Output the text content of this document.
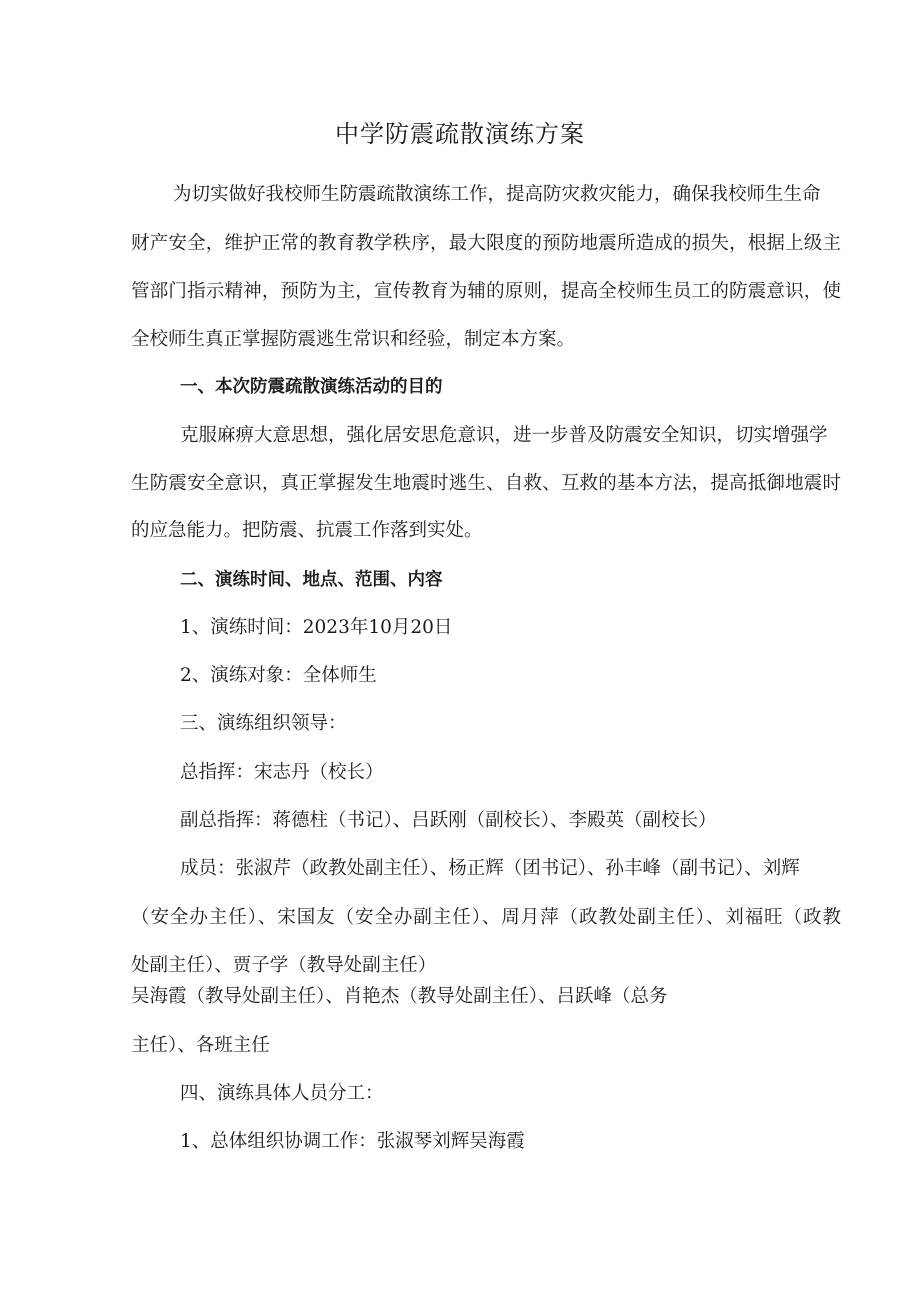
中学防震疏散演练方案
为切实做好我校师生防震疏散演练工作，提高防灾救灾能力，确保我校师生生命
财产安全，维护正常的教育教学秩序，最大限度的预防地震所造成的损失，根据上级主
管部门指示精神，预防为主，宣传教育为辅的原则，提高全校师生员工的防震意识，使
全校师生真正掌握防震逃生常识和经验，制定本方案。
一、本次防震疏散演练活动的目的
克服麻痹大意思想，强化居安思危意识，进一步普及防震安全知识，切实增强学
生防震安全意识，真正掌握发生地震时逃生、自救、互救的基本方法，提高抵御地震时
的应急能力。把防震、抗震工作落到实处。
二、演练时间、地点、范围、内容
1、演练时间：2023年10月20日
2、演练对象：全体师生
三、演练组织领导：
总指挥：宋志丹（校长）
副总指挥：蒋德柱（书记）、吕跃刚（副校长）、李殿英（副校长）
成员：张淑芹（政教处副主任）、杨正辉（团书记）、孙丰峰（副书记）、刘辉
（安全办主任）、宋国友（安全办副主任）、周月萍（政教处副主任）、刘福旺（政教
处副主任）、贾子学（教导处副主任）
吴海霞（教导处副主任）、肖艳杰（教导处副主任）、吕跃峰（总务
主任）、各班主任
四、演练具体人员分工：
1、总体组织协调工作：张淑琴刘辉吴海霞
